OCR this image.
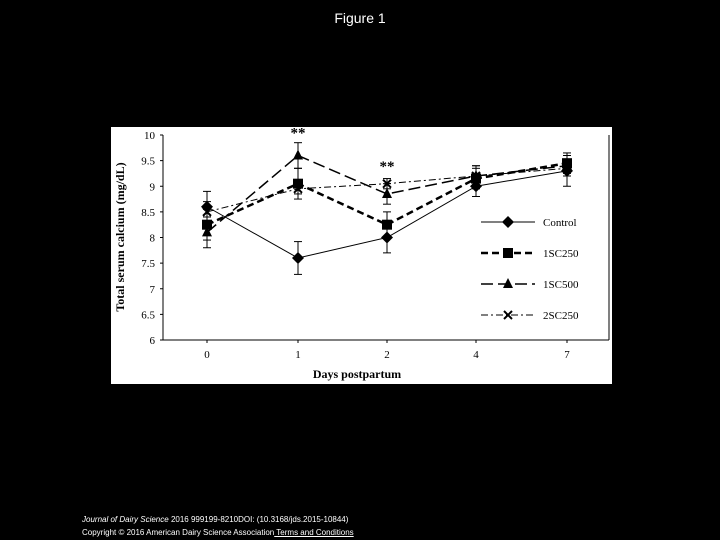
Figure 1
6
6.5
7
7.5
8
8.5
9
9.5
10
0	1	2	4	7
**
**
Control
1SC250
1SC500
2SC250
Total serum calcium (mg/dL)
Days postpartum
Journal of Dairy Science 2016 999199-8210DOI: (10.3168/jds.2015-10844)
Copyright © 2016 American Dairy Science Association Terms and Conditions
